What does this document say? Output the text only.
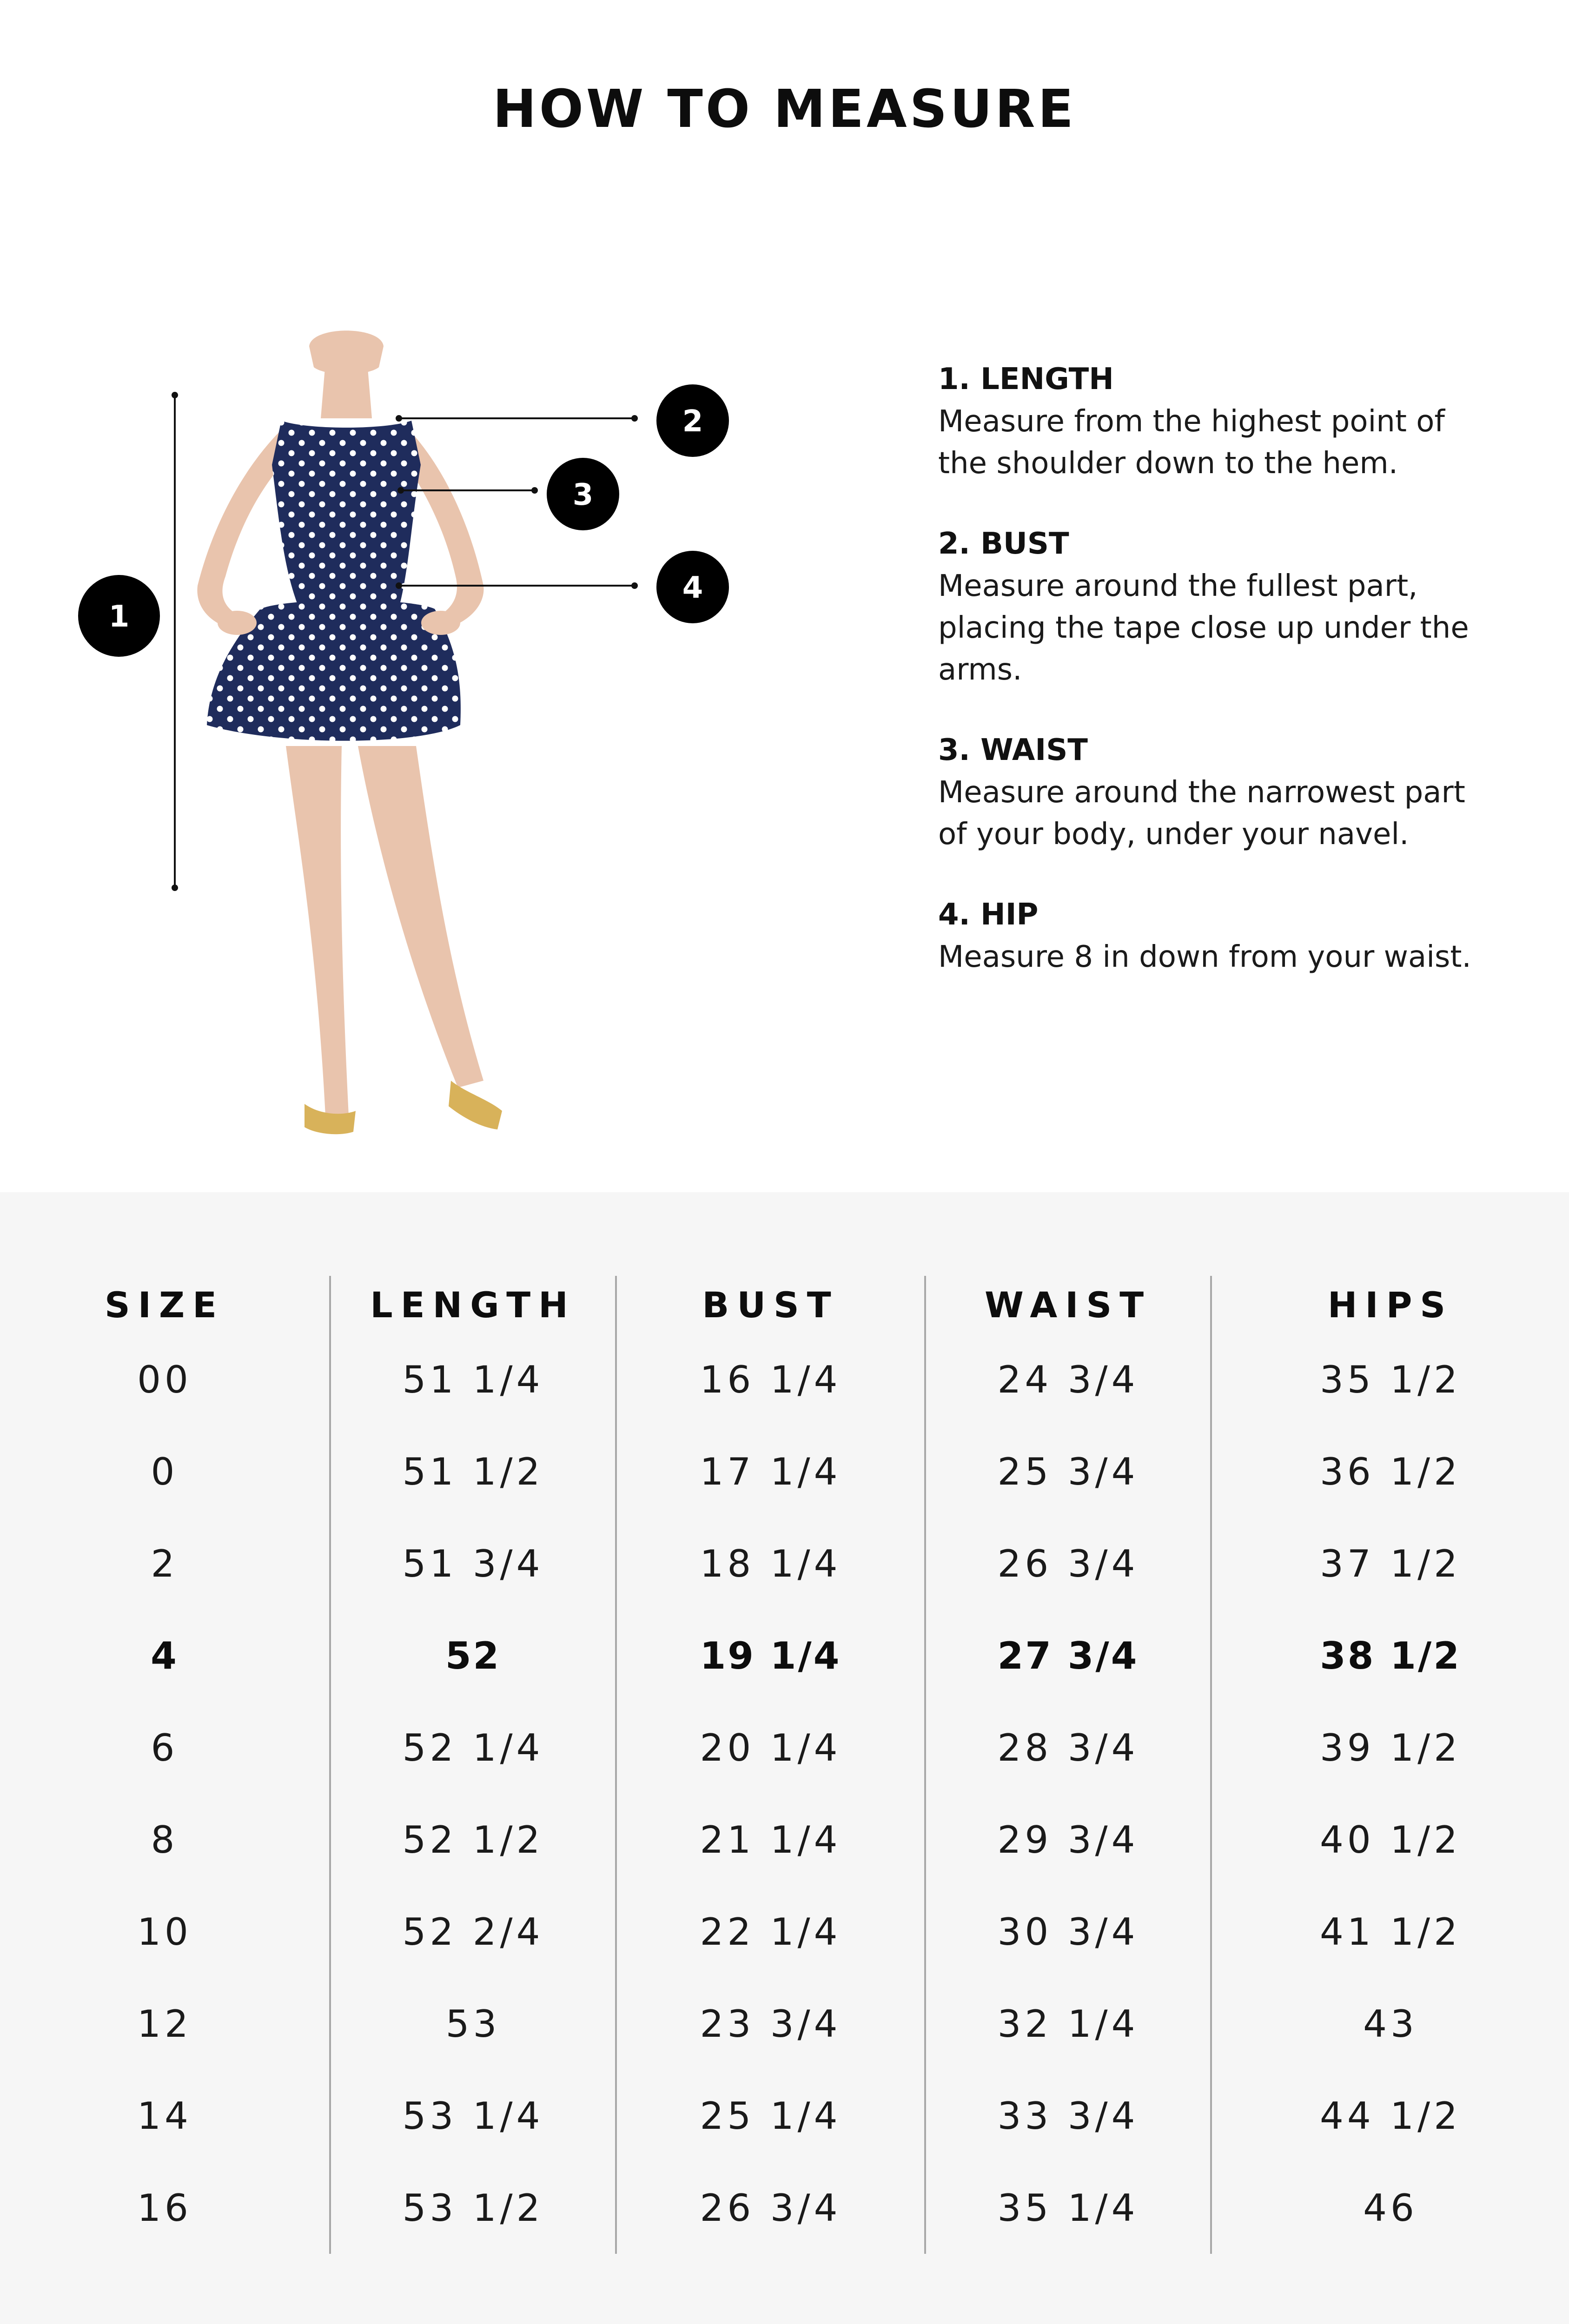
HOW TO MEASURE
1
2
3
4

1. LENGTH

Measure from the highest point of the shoulder down to the hem.

2. BUST

Measure around the fullest part, placing the tape close up under the arms.

3. WAIST

Measure around the narrowest part of your body, under your navel.

4. HIP

Measure 8 in down from your waist.

SIZE	LENGTH	BUST	WAIST	HIPS
00	51 1/4	16 1/4	24 3/4	35 1/2
0	51 1/2	17 1/4	25 3/4	36 1/2
2	51 3/4	18 1/4	26 3/4	37 1/2
4	52	19 1/4	27 3/4	38 1/2
6	52 1/4	20 1/4	28 3/4	39 1/2
8	52 1/2	21 1/4	29 3/4	40 1/2
10	52 2/4	22 1/4	30 3/4	41 1/2
12	53	23 3/4	32 1/4	43
14	53 1/4	25 1/4	33 3/4	44 1/2
16	53 1/2	26 3/4	35 1/4	46
